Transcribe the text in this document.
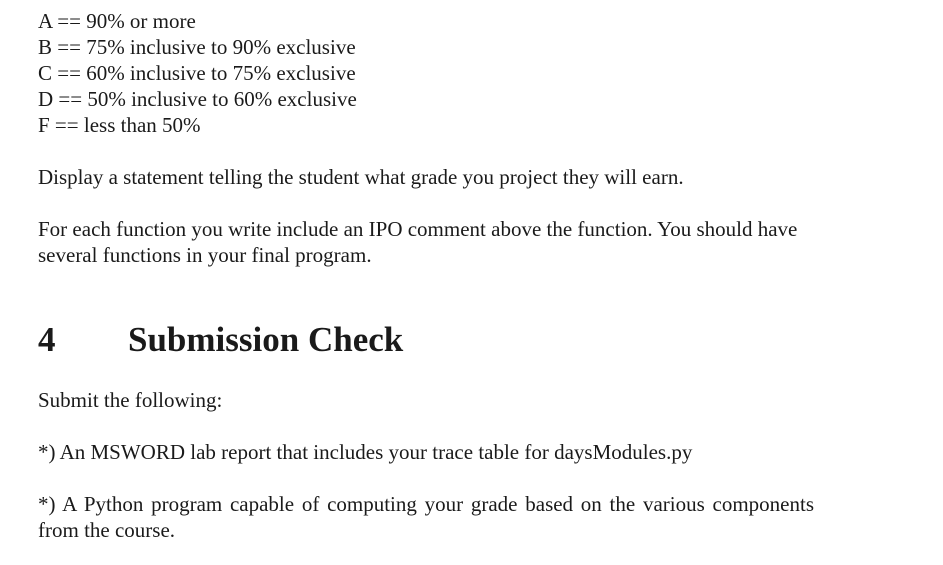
A == 90% or more

B == 75% inclusive to 90% exclusive

C == 60% inclusive to 75% exclusive

D == 50% inclusive to 60% exclusive

F == less than 50%

Display a statement telling the student what grade you project they will earn.

For each function you write include an IPO comment above the function. You should have several functions in your final program.

4 Submission Check

Submit the following:

*) An MSWORD lab report that includes your trace table for daysModules.py

*) A Python program capable of computing your grade based on the various components from the course.
